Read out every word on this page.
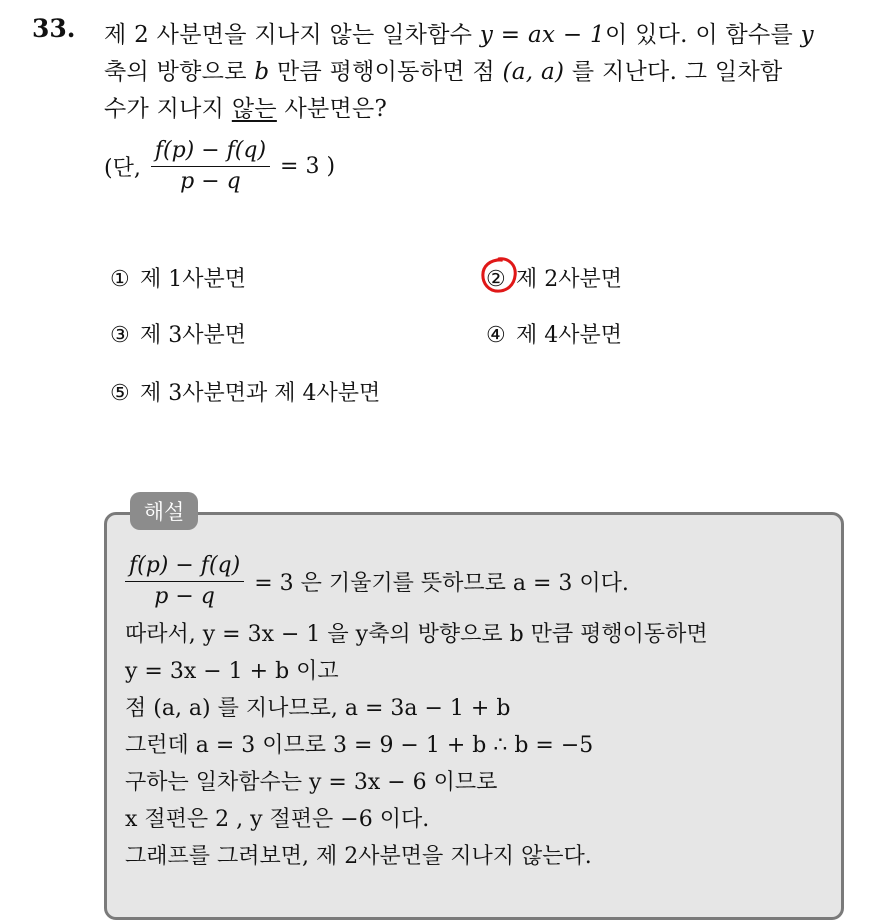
33. 제 2 사분면을 지나지 않는 일차함수 y = ax − 1이 있다. 이 함수를 y
축의 방향으로 b 만큼 평행이동하면 점 (a, a) 를 지난다. 그 일차함
수가 지나지 않는 사분면은?
(단, $\frac{f(p) - f(q)}{p - q} = 3$ )
① 제 1사분면	② 제 2사분면
③ 제 3사분면	④ 제 4사분면
⑤ 제 3사분면과 제 4사분면
해설
$\frac{f(p) - f(q)}{p - q} = 3$ 은 기울기를 뜻하므로 a = 3 이다.
따라서, y = 3x − 1 을 y축의 방향으로 b 만큼 평행이동하면
y = 3x − 1 + b 이고
점 (a, a) 를 지나므로, a = 3a − 1 + b
그런데 a = 3 이므로 3 = 9 − 1 + b ∴ b = −5
구하는 일차함수는 y = 3x − 6 이므로
x 절편은 2 , y 절편은 −6 이다.
그래프를 그려보면, 제 2사분면을 지나지 않는다.
